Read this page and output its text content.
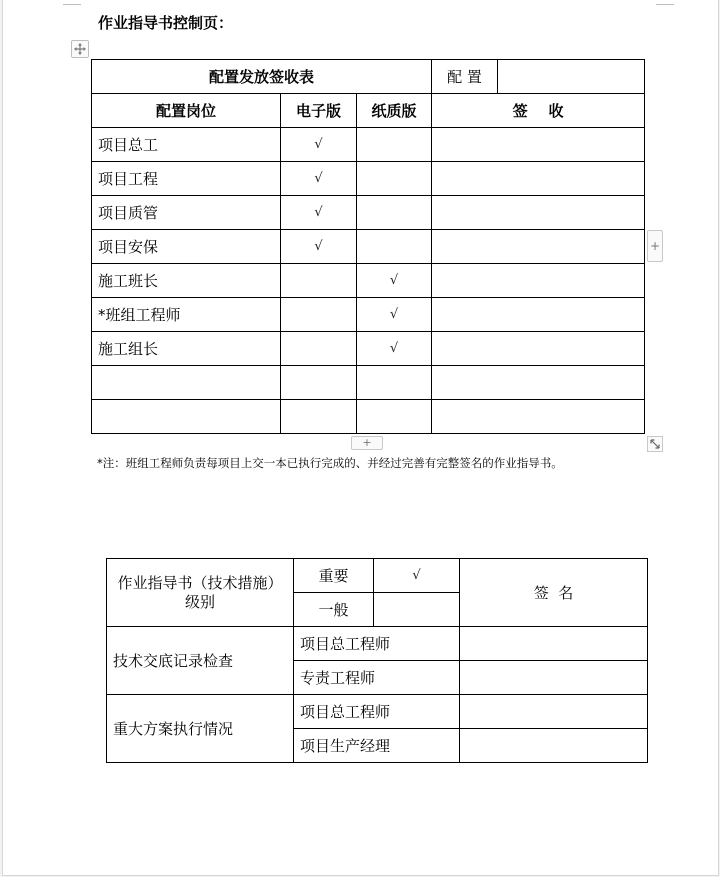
作业指导书控制页：
配置发放签收表			配 置	
配置岗位	电子版	纸质版	签    收	
项目总工	√			
项目工程	√			
项目质管	√			
项目安保	√			
施工班长		√		
*班组工程师		√		
施工组长		√		

+
+
*注：班组工程师负责每项目上交一本已执行完成的、并经过完善有完整签名的作业指导书。
作业指导书（技术措施）
级别	重要	√	签  名
	一般		
技术交底记录检查	项目总工程师		
	专责工程师		
重大方案执行情况	项目总工程师		
	项目生产经理		
